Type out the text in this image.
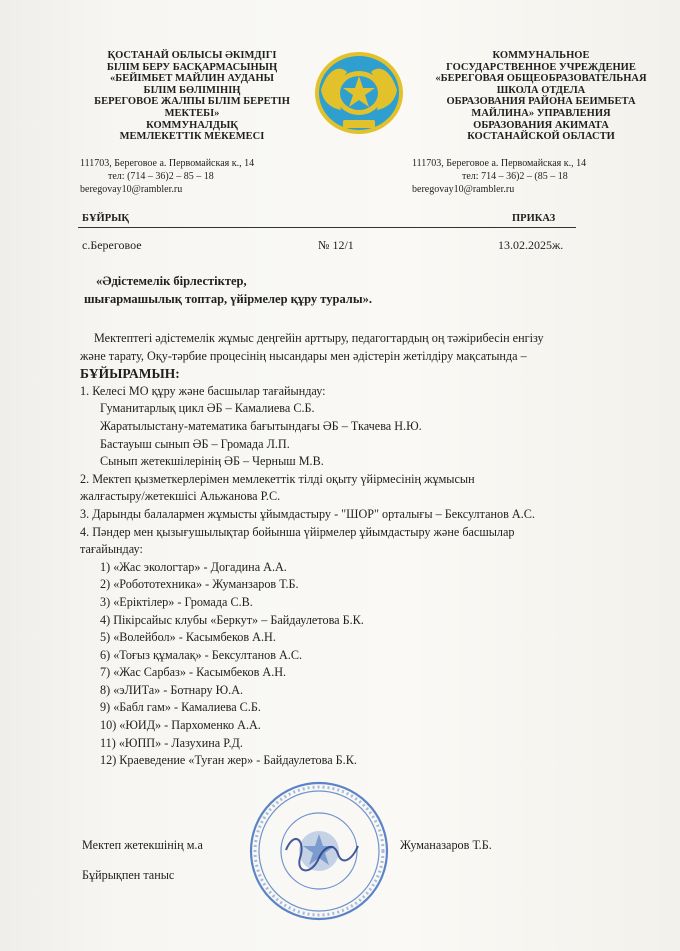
ҚОСТАНАЙ ОБЛЫСЫ ӘКІМДІГІ
БІЛІМ БЕРУ БАСҚАРМАСЫНЫҢ
«БЕЙІМБЕТ МАЙЛИН АУДАНЫ
БІЛІМ БӨЛІМІНІҢ
БЕРЕГОВОЕ ЖАЛПЫ БІЛІМ БЕРЕТІН
МЕКТЕБІ»
КОММУНАЛДЫҚ
МЕМЛЕКЕТТІК МЕКЕМЕСІ
КОММУНАЛЬНОЕ
ГОСУДАРСТВЕННОЕ УЧРЕЖДЕНИЕ
«БЕРЕГОВАЯ ОБЩЕОБРАЗОВАТЕЛЬНАЯ
ШКОЛА ОТДЕЛА
ОБРАЗОВАНИЯ РАЙОНА БЕИМБЕТА
МАЙЛИНА» УПРАВЛЕНИЯ
ОБРАЗОВАНИЯ АКИМАТА
КОСТАНАЙСКОЙ ОБЛАСТИ
111703, Береговое а. Первомайская к., 14
тел: (714 – 36)2 – 85 – 18
beregovay10@rambler.ru
111703, Береговое а. Первомайская к., 14
тел: 714 – 36)2 – (85 – 18
beregovay10@rambler.ru
БҰЙРЫҚ	ПРИКАЗ
с.Береговое	№ 12/1	13.02.2025ж.
«Әдістемелік бірлестіктер,
шығармашылық топтар, үйірмелер құру туралы».
Мектептегі әдістемелік жұмыс деңгейін арттыру, педагогтардың оң тәжірибесін енгізу
және тарату, Оқу-тәрбие процесінің нысандары мен әдістерін жетілдіру мақсатында –
БҰЙЫРАМЫН:
1. Келесі МО құру және басшылар тағайындау:
Гуманитарлық цикл ӘБ – Камалиева С.Б.
Жаратылыстану-математика бағытындағы ӘБ – Ткачева Н.Ю.
Бастауыш сынып ӘБ – Громада Л.П.
Сынып жетекшілерінің ӘБ – Черныш М.В.
2. Мектеп қызметкерлерімен мемлекеттік тілді оқыту үйірмесінің жұмысын
жалғастыру/жетекшісі Альжанова Р.С.
3. Дарынды балалармен жұмысты ұйымдастыру - "ШОР" орталығы – Бексултанов А.С.
4. Пәндер мен қызығушылықтар бойынша үйірмелер ұйымдастыру және басшылар
тағайындау:
1) «Жас экологтар» - Догадина А.А.
2) «Робототехника» - Жуманзаров Т.Б.
3) «Еріктілер» - Громада С.В.
4) Пікірсайыс клубы «Беркут» – Байдаулетова Б.К.
5) «Волейбол» - Касымбеков А.Н.
6) «Тоғыз құмалақ» - Бексултанов А.С.
7) «Жас Сарбаз» - Касымбеков А.Н.
8) «эЛИТа» - Ботнару Ю.А.
9) «Бабл гам» - Камалиева С.Б.
10) «ЮИД» - Пархоменко А.А.
11) «ЮПП» - Лазухина Р.Д.
12) Краеведение «Туған жер» - Байдаулетова Б.К.
Мектеп жетекшінің м.а	Жуманазаров Т.Б.
Бұйрықпен таныс
